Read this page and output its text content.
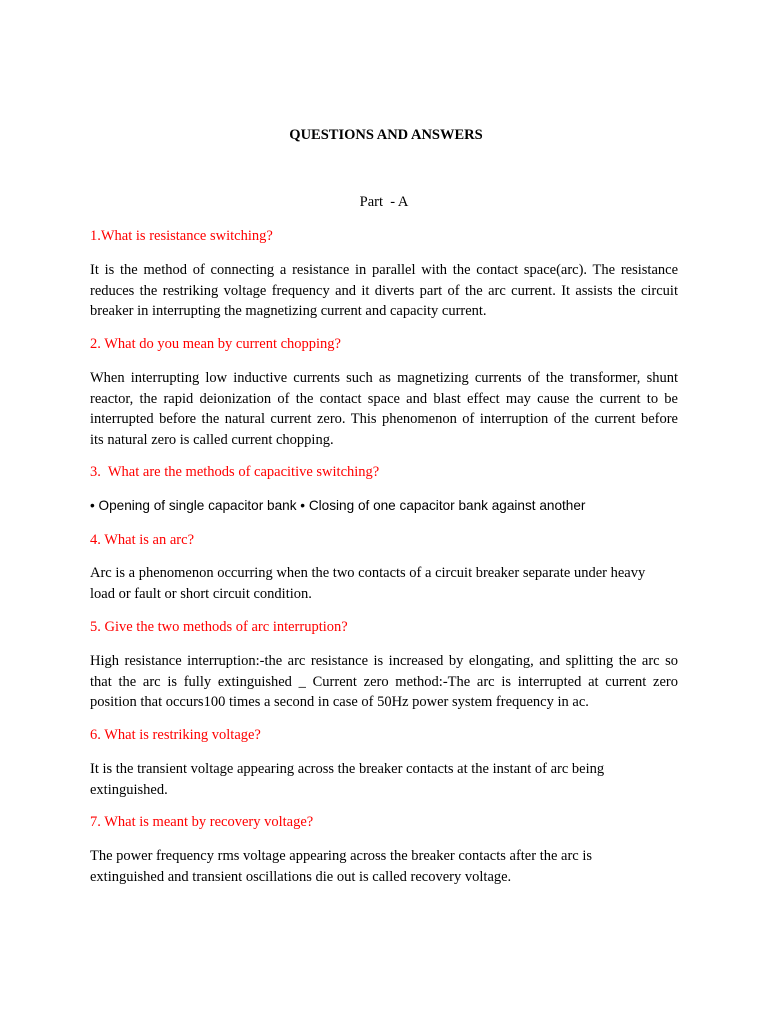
QUESTIONS AND ANSWERS
Part  - A
1.What is resistance switching?
It is the method of connecting a resistance in parallel with the contact space(arc). The resistance
reduces the restriking voltage frequency and it diverts part of the arc current. It assists the circuit
breaker in interrupting the magnetizing current and capacity current.
2. What do you mean by current chopping?
When interrupting low inductive currents such as magnetizing currents of the transformer, shunt
reactor, the rapid deionization of the contact space and blast effect may cause the current to be
interrupted before the natural current zero. This phenomenon of interruption of the current before
its natural zero is called current chopping.
3.  What are the methods of capacitive switching?
• Opening of single capacitor bank • Closing of one capacitor bank against another
4. What is an arc?
Arc is a phenomenon occurring when the two contacts of a circuit breaker separate under heavy
load or fault or short circuit condition.
5. Give the two methods of arc interruption?
High resistance interruption:-the arc resistance is increased by elongating, and splitting the arc so
that the arc is fully extinguished _ Current zero method:-The arc is interrupted at current zero
position that occurs100 times a second in case of 50Hz power system frequency in ac.
6. What is restriking voltage?
It is the transient voltage appearing across the breaker contacts at the instant of arc being
extinguished.
7. What is meant by recovery voltage?
The power frequency rms voltage appearing across the breaker contacts after the arc is
extinguished and transient oscillations die out is called recovery voltage.
